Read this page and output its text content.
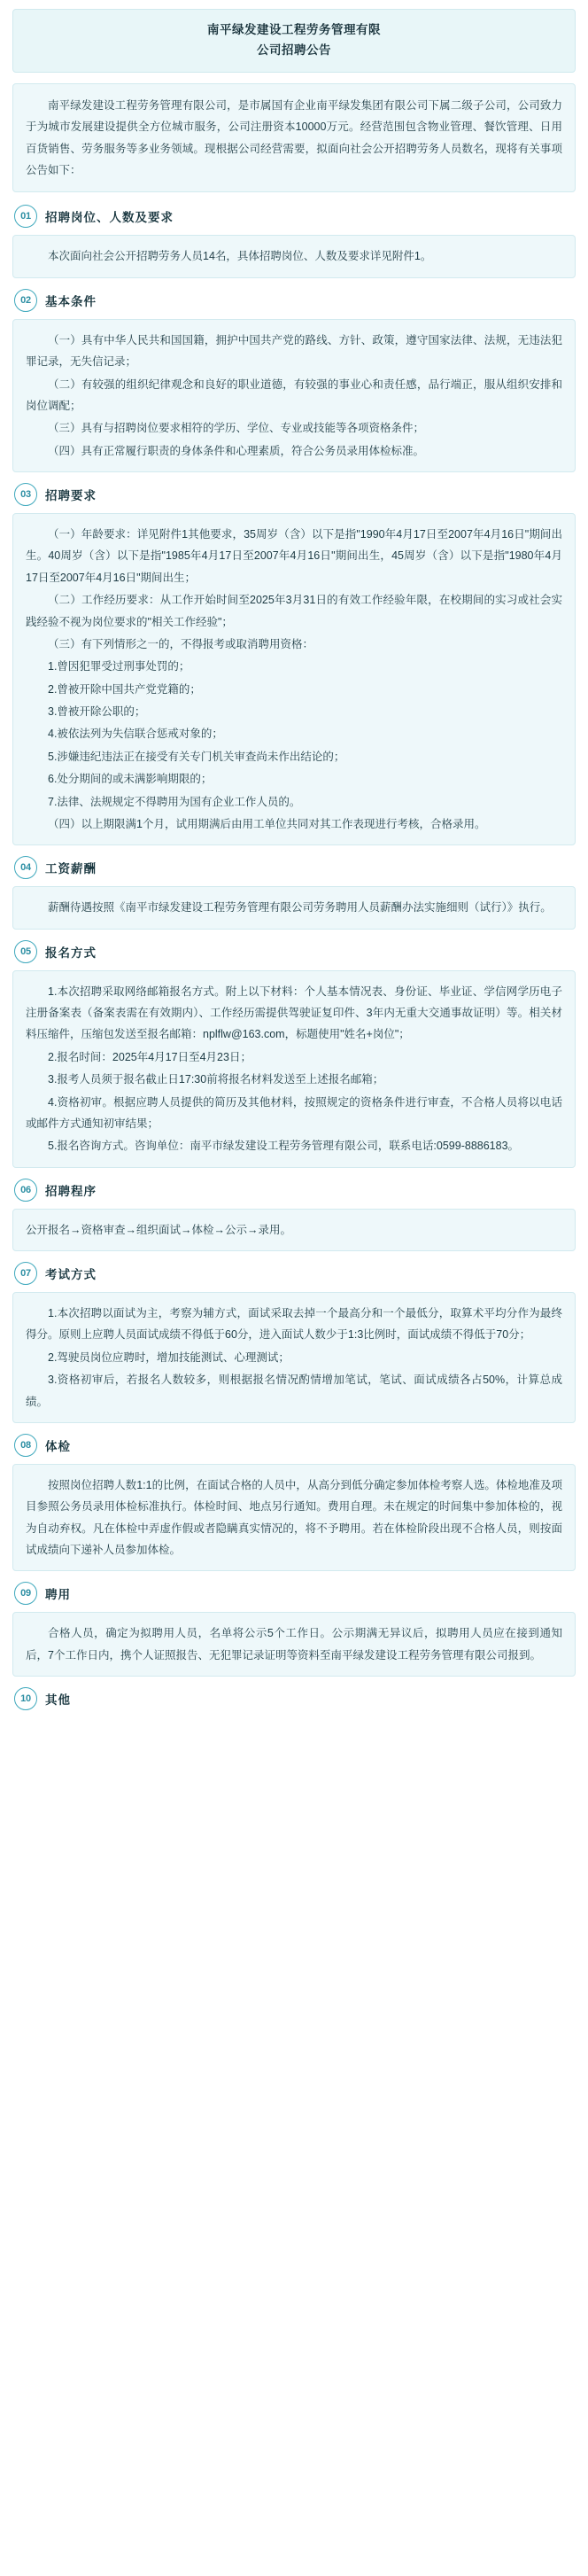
南平绿发建设工程劳务管理有限
公司招聘公告

南平绿发建设工程劳务管理有限公司，是市属国有企业南平绿发集团有限公司下属二级子公司，公司致力于为城市发展建设提供全方位城市服务，公司注册资本10000万元。经营范围包含物业管理、餐饮管理、日用百货销售、劳务服务等多业务领域。现根据公司经营需要，拟面向社会公开招聘劳务人员数名，现将有关事项公告如下：

01	招聘岗位、人数及要求

本次面向社会公开招聘劳务人员14名，具体招聘岗位、人数及要求详见附件1。

02	基本条件

（一）具有中华人民共和国国籍，拥护中国共产党的路线、方针、政策，遵守国家法律、法规，无违法犯罪记录，无失信记录；

（二）有较强的组织纪律观念和良好的职业道德，有较强的事业心和责任感，品行端正，服从组织安排和岗位调配；

（三）具有与招聘岗位要求相符的学历、学位、专业或技能等各项资格条件；

（四）具有正常履行职责的身体条件和心理素质，符合公务员录用体检标准。

03	招聘要求

（一）年龄要求：详见附件1其他要求，35周岁（含）以下是指"1990年4月17日至2007年4月16日"期间出生。40周岁（含）以下是指"1985年4月17日至2007年4月16日"期间出生，45周岁（含）以下是指"1980年4月17日至2007年4月16日"期间出生；

（二）工作经历要求：从工作开始时间至2025年3月31日的有效工作经验年限，在校期间的实习或社会实践经验不视为岗位要求的"相关工作经验"；

（三）有下列情形之一的，不得报考或取消聘用资格：

1.曾因犯罪受过刑事处罚的；

2.曾被开除中国共产党党籍的；

3.曾被开除公职的；

4.被依法列为失信联合惩戒对象的；

5.涉嫌违纪违法正在接受有关专门机关审查尚未作出结论的；

6.处分期间的或未满影响期限的；

7.法律、法规规定不得聘用为国有企业工作人员的。

（四）以上期限满1个月，试用期满后由用工单位共同对其工作表现进行考核，合格录用。

04	工资薪酬

薪酬待遇按照《南平市绿发建设工程劳务管理有限公司劳务聘用人员薪酬办法实施细则（试行）》执行。

05	报名方式

1.本次招聘采取网络邮箱报名方式。附上以下材料：个人基本情况表、身份证、毕业证、学信网学历电子注册备案表（备案表需在有效期内）、工作经历需提供驾驶证复印件、3年内无重大交通事故证明）等。相关材料压缩件，压缩包发送至报名邮箱：nplflw@163.com，标题使用"姓名+岗位"；

2.报名时间：2025年4月17日至4月23日；

3.报考人员须于报名截止日17:30前将报名材料发送至上述报名邮箱；

4.资格初审。根据应聘人员提供的简历及其他材料，按照规定的资格条件进行审查，不合格人员将以电话或邮件方式通知初审结果；

5.报名咨询方式。咨询单位：南平市绿发建设工程劳务管理有限公司，联系电话:0599-8886183。

06	招聘程序

公开报名→资格审查→组织面试→体检→公示→录用。

07	考试方式

1.本次招聘以面试为主，考察为辅方式，面试采取去掉一个最高分和一个最低分，取算术平均分作为最终得分。原则上应聘人员面试成绩不得低于60分，进入面试人数少于1:3比例时，面试成绩不得低于70分；

2.驾驶员岗位应聘时，增加技能测试、心理测试；

3.资格初审后，若报名人数较多，则根据报名情况酌情增加笔试，笔试、面试成绩各占50%，计算总成绩。

08	体检

按照岗位招聘人数1:1的比例，在面试合格的人员中，从高分到低分确定参加体检考察人选。体检地准及项目参照公务员录用体检标准执行。体检时间、地点另行通知。费用自理。未在规定的时间集中参加体检的，视为自动弃权。凡在体检中弄虚作假或者隐瞒真实情况的，将不予聘用。若在体检阶段出现不合格人员，则按面试成绩向下递补人员参加体检。

09	聘用

合格人员，确定为拟聘用人员，名单将公示5个工作日。公示期满无异议后，拟聘用人员应在接到通知后，7个工作日内，携个人证照报告、无犯罪记录证明等资料至南平绿发建设工程劳务管理有限公司报到。

10	其他
